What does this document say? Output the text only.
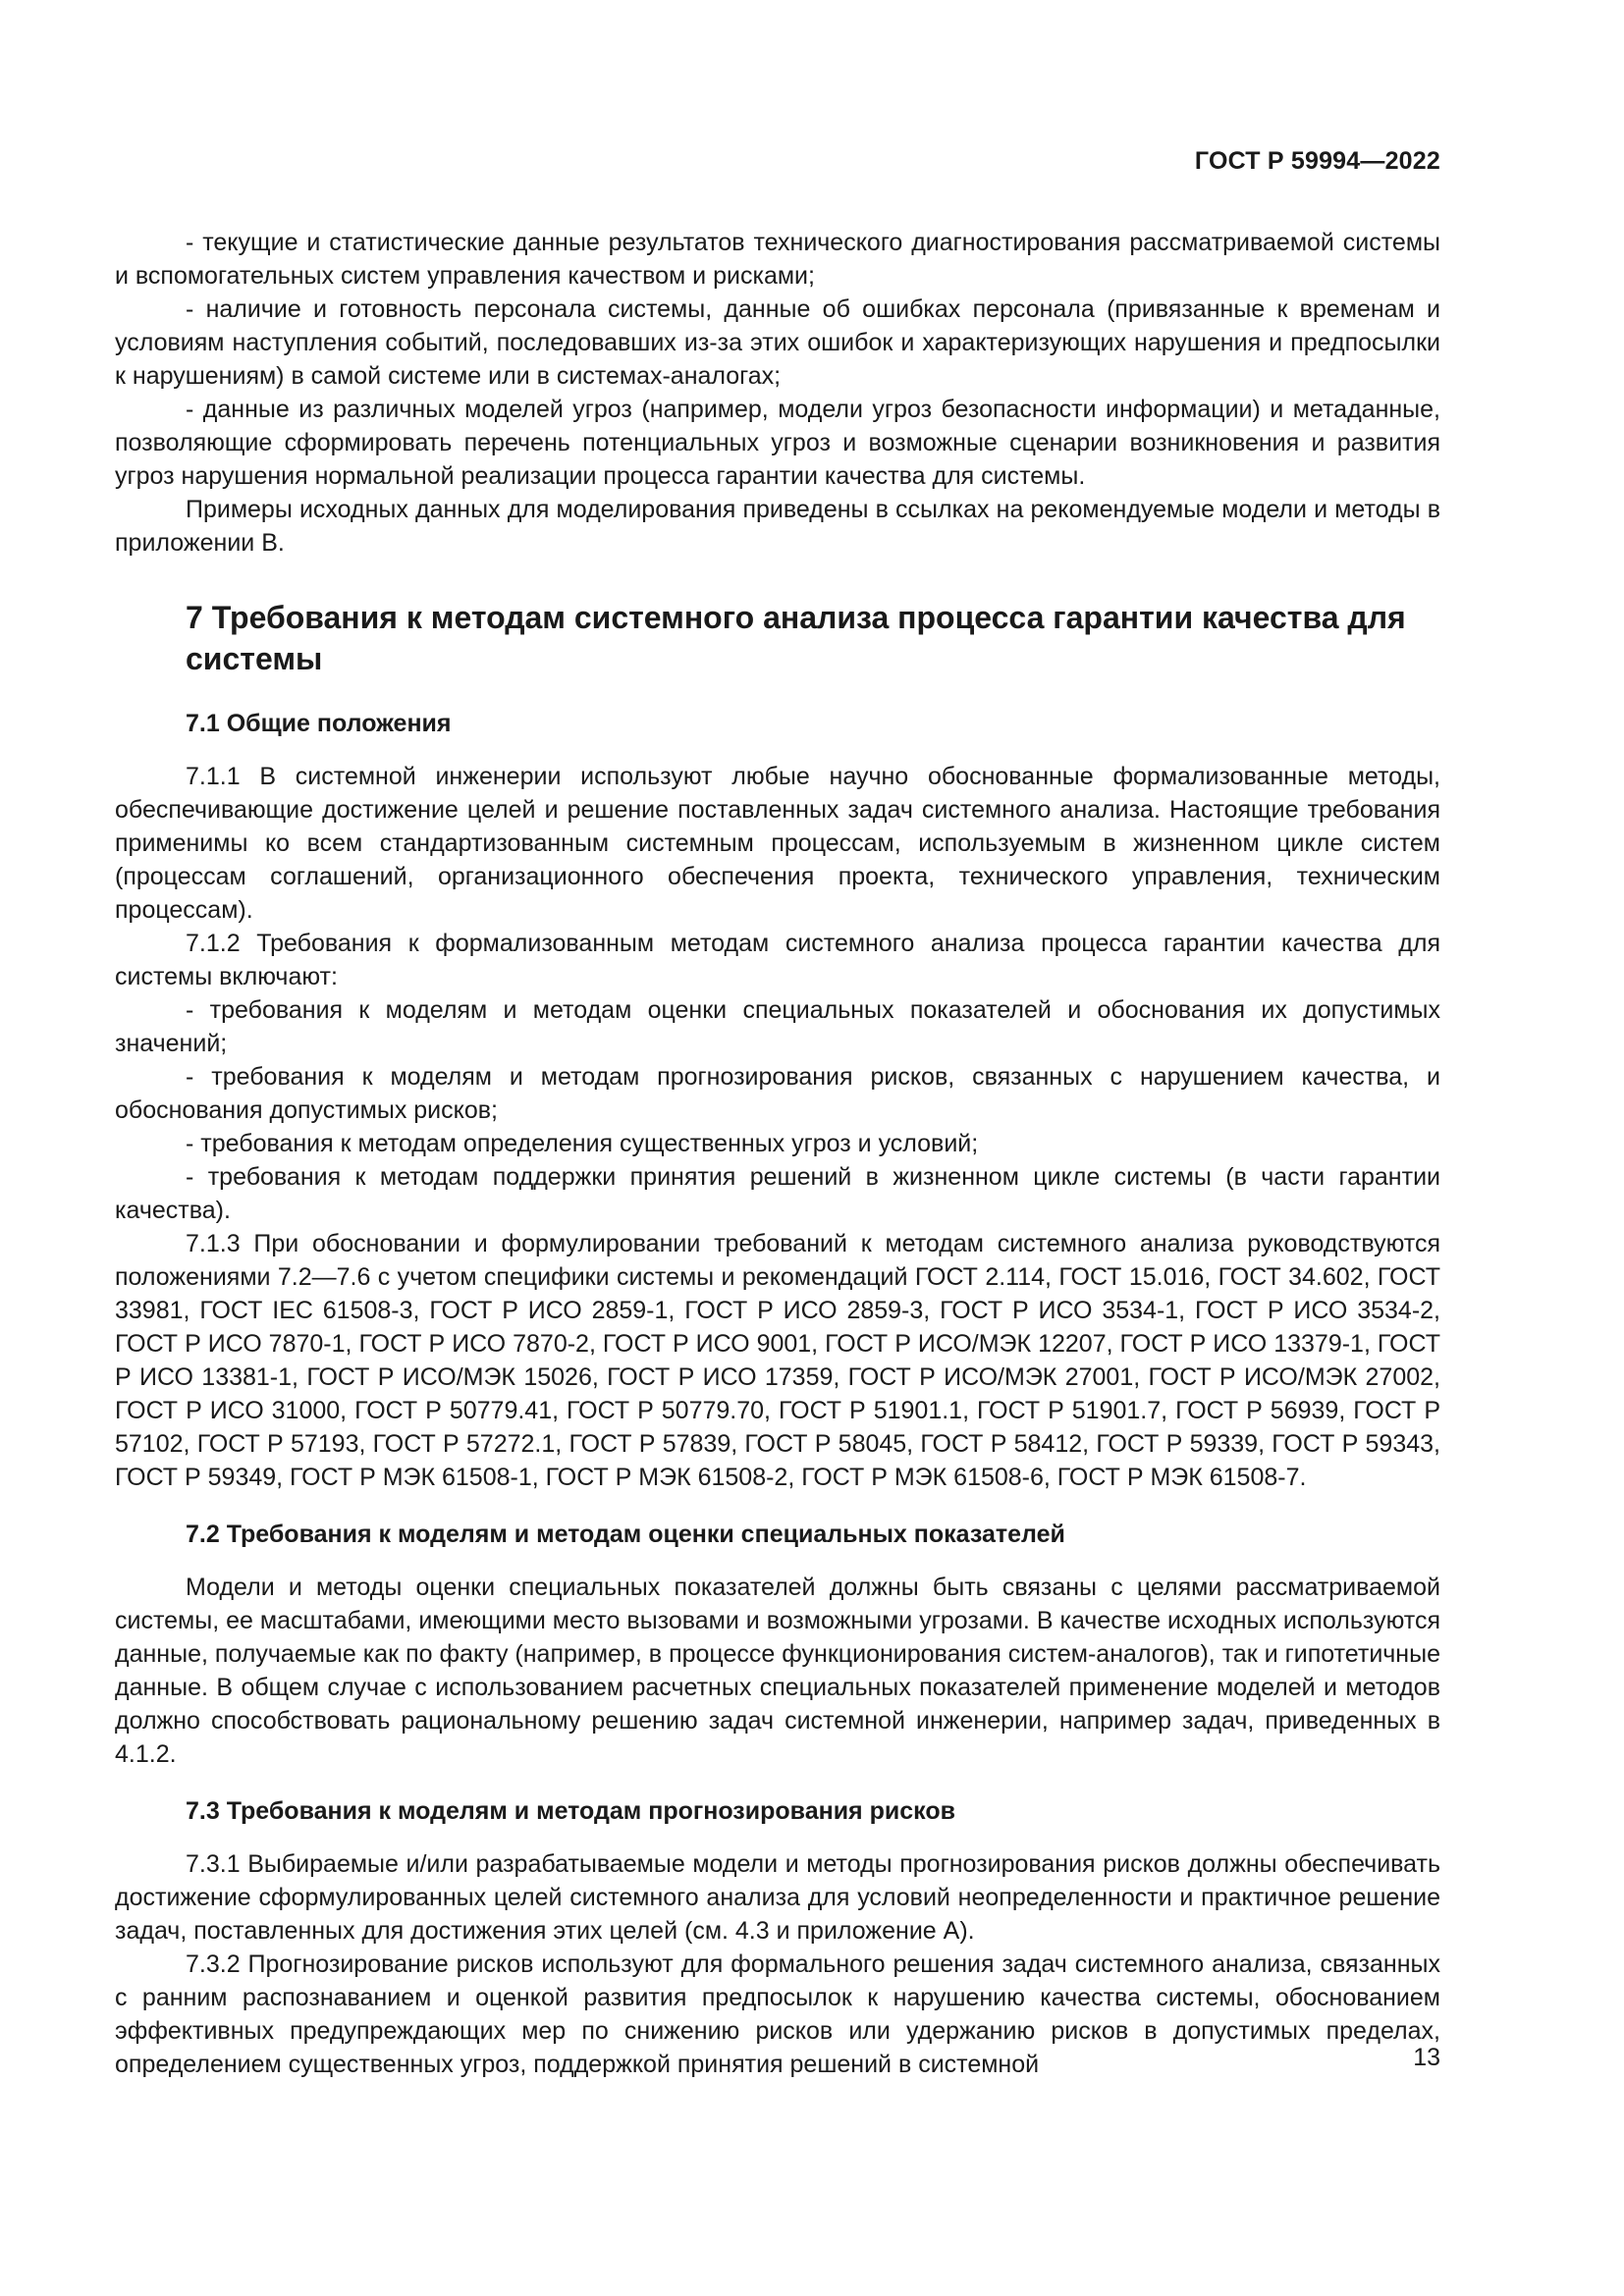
ГОСТ Р 59994—2022

- текущие и статистические данные результатов технического диагностирования рассматриваемой системы и вспомогательных систем управления качеством и рисками;

- наличие и готовность персонала системы, данные об ошибках персонала (привязанные к временам и условиям наступления событий, последовавших из-за этих ошибок и характеризующих нарушения и предпосылки к нарушениям) в самой системе или в системах-аналогах;

- данные из различных моделей угроз (например, модели угроз безопасности информации) и метаданные, позволяющие сформировать перечень потенциальных угроз и возможные сценарии возникновения и развития угроз нарушения нормальной реализации процесса гарантии качества для системы.

Примеры исходных данных для моделирования приведены в ссылках на рекомендуемые модели и методы в приложении В.

7 Требования к методам системного анализа процесса гарантии качества для системы
7.1 Общие положения

7.1.1 В системной инженерии используют любые научно обоснованные формализованные методы, обеспечивающие достижение целей и решение поставленных задач системного анализа. Настоящие требования применимы ко всем стандартизованным системным процессам, используемым в жизненном цикле систем (процессам соглашений, организационного обеспечения проекта, технического управления, техническим процессам).

7.1.2 Требования к формализованным методам системного анализа процесса гарантии качества для системы включают:

- требования к моделям и методам оценки специальных показателей и обоснования их допустимых значений;

- требования к моделям и методам прогнозирования рисков, связанных с нарушением качества, и обоснования допустимых рисков;

- требования к методам определения существенных угроз и условий;

- требования к методам поддержки принятия решений в жизненном цикле системы (в части гарантии качества).

7.1.3 При обосновании и формулировании требований к методам системного анализа руководствуются положениями 7.2—7.6 с учетом специфики системы и рекомендаций ГОСТ 2.114, ГОСТ 15.016, ГОСТ 34.602, ГОСТ 33981, ГОСТ IEC 61508-3, ГОСТ Р ИСО 2859-1, ГОСТ Р ИСО 2859-3, ГОСТ Р ИСО 3534-1, ГОСТ Р ИСО 3534-2, ГОСТ Р ИСО 7870-1, ГОСТ Р ИСО 7870-2, ГОСТ Р ИСО 9001, ГОСТ Р ИСО/МЭК 12207, ГОСТ Р ИСО 13379-1, ГОСТ Р ИСО 13381-1, ГОСТ Р ИСО/МЭК 15026, ГОСТ Р ИСО 17359, ГОСТ Р ИСО/МЭК 27001, ГОСТ Р ИСО/МЭК 27002, ГОСТ Р ИСО 31000, ГОСТ Р 50779.41, ГОСТ Р 50779.70, ГОСТ Р 51901.1, ГОСТ Р 51901.7, ГОСТ Р 56939, ГОСТ Р 57102, ГОСТ Р 57193, ГОСТ Р 57272.1, ГОСТ Р 57839, ГОСТ Р 58045, ГОСТ Р 58412, ГОСТ Р 59339, ГОСТ Р 59343, ГОСТ Р 59349, ГОСТ Р МЭК 61508-1, ГОСТ Р МЭК 61508-2, ГОСТ Р МЭК 61508-6, ГОСТ Р МЭК 61508-7.

7.2 Требования к моделям и методам оценки специальных показателей

Модели и методы оценки специальных показателей должны быть связаны с целями рассматриваемой системы, ее масштабами, имеющими место вызовами и возможными угрозами. В качестве исходных используются данные, получаемые как по факту (например, в процессе функционирования систем-аналогов), так и гипотетичные данные. В общем случае с использованием расчетных специальных показателей применение моделей и методов должно способствовать рациональному решению задач системной инженерии, например задач, приведенных в 4.1.2.

7.3 Требования к моделям и методам прогнозирования рисков

7.3.1 Выбираемые и/или разрабатываемые модели и методы прогнозирования рисков должны обеспечивать достижение сформулированных целей системного анализа для условий неопределенности и практичное решение задач, поставленных для достижения этих целей (см. 4.3 и приложение А).

7.3.2 Прогнозирование рисков используют для формального решения задач системного анализа, связанных с ранним распознаванием и оценкой развития предпосылок к нарушению качества системы, обоснованием эффективных предупреждающих мер по снижению рисков или удержанию рисков в допустимых пределах, определением существенных угроз, поддержкой принятия решений в системной	13
